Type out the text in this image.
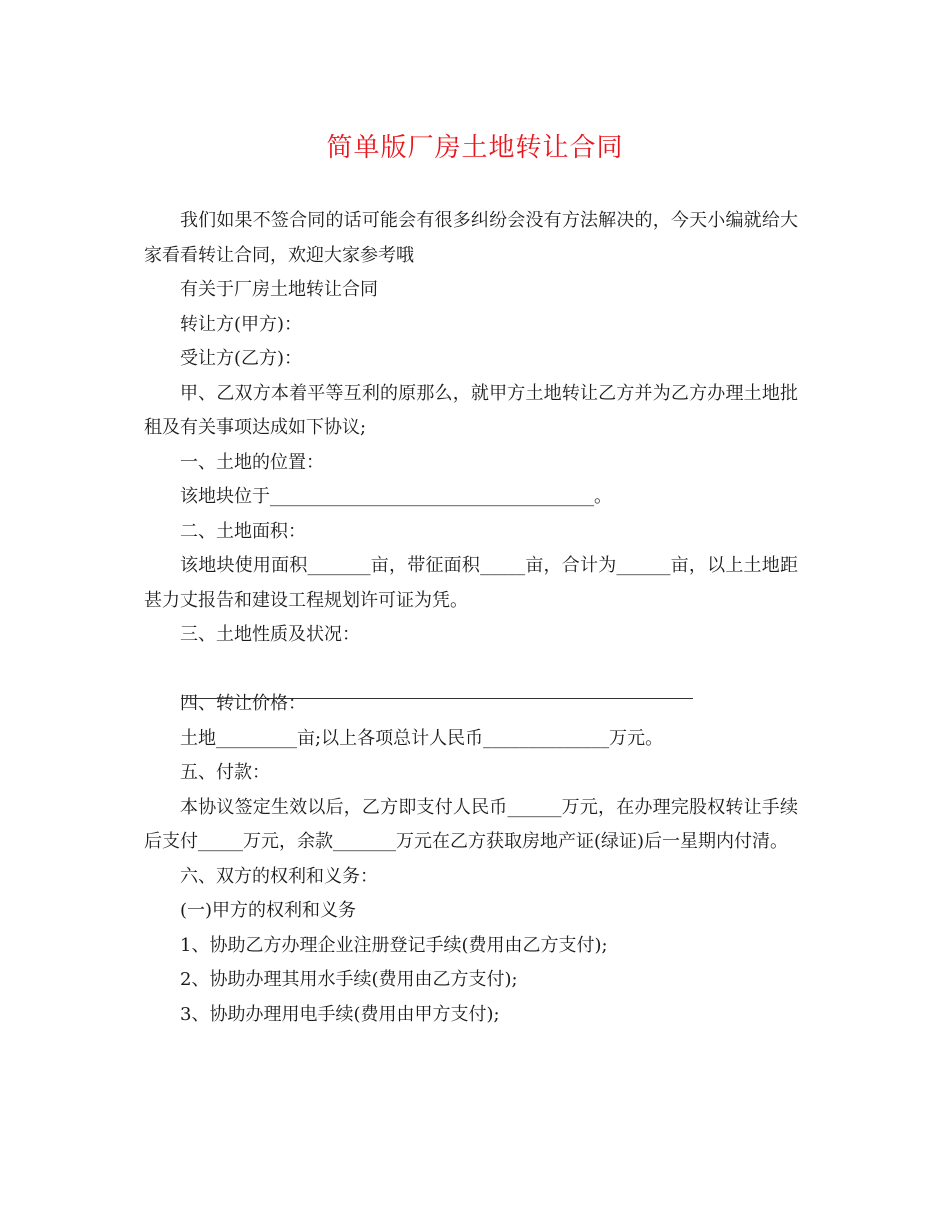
简单版厂房土地转让合同

我们如果不签合同的话可能会有很多纠纷会没有方法解决的，今天小编就给大家看看转让合同，欢迎大家参考哦

有关于厂房土地转让合同

转让方(甲方)：

受让方(乙方)：

甲、乙双方本着平等互利的原那么，就甲方土地转让乙方并为乙方办理土地批租及有关事项达成如下协议;

一、土地的位置：

该地块位于____________________________________。

二、土地面积：

该地块使用面积_______亩，带征面积_____亩，合计为______亩，以上土地距甚力丈报告和建设工程规划许可证为凭。

三、土地性质及状况：

四、转让价格：

土地_________亩;以上各项总计人民币______________万元。

五、付款：

本协议签定生效以后，乙方即支付人民币______万元，在办理完股权转让手续后支付_____万元，余款_______万元在乙方获取房地产证(绿证)后一星期内付清。

六、双方的权利和义务：

(一)甲方的权利和义务

1、协助乙方办理企业注册登记手续(费用由乙方支付);

2、协助办理其用水手续(费用由乙方支付);

3、协助办理用电手续(费用由甲方支付);
